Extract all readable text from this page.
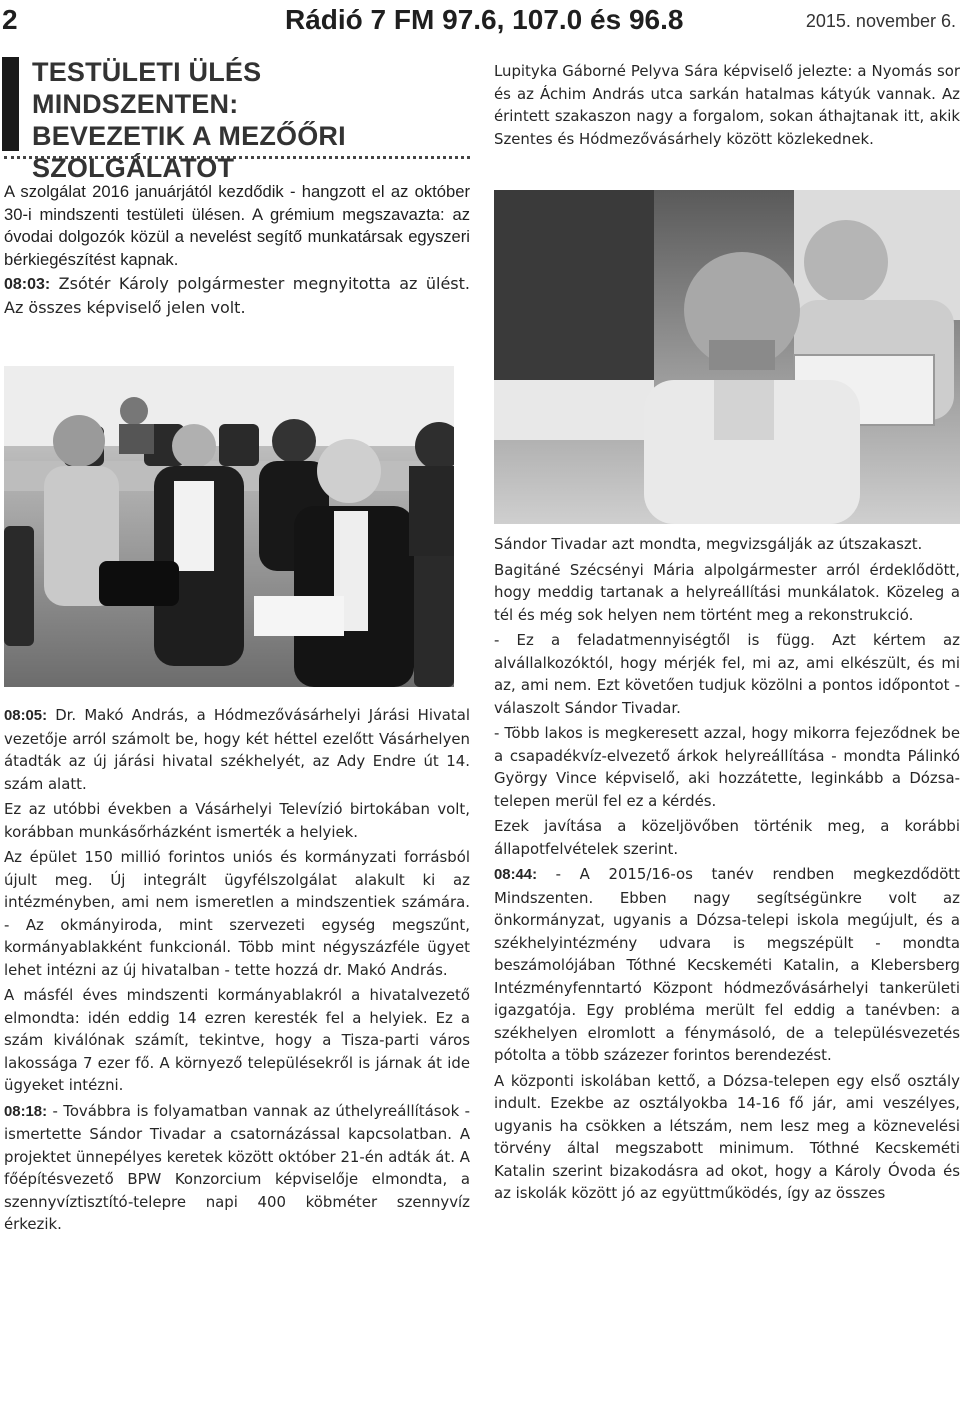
2	Rádió 7 FM 97.6, 107.0 és 96.8	2015. november 6.
TESTÜLETI ÜLÉS MINDSZENTEN:
BEVEZETIK A MEZŐŐRI
SZOLGÁLATOT

A szolgálat 2016 januárjától kezdődik - hangzott el az október 30-i mindszenti testületi ülésen. A grémium megszavazta: az óvodai dolgozók közül a nevelést segítő munkatársak egyszeri bérkiegészítést kapnak.

08:03: Zsótér Károly polgármester megnyitotta az ülést. Az összes képviselő jelen volt.

Lupityka Gáborné Pelyva Sára képviselő jelezte: a Nyomás sor és az Áchim András utca sarkán hatalmas kátyúk vannak. Az érintett szakaszon nagy a forgalom, sokan áthajtanak itt, akik Szentes és Hódmezővásárhely között közlekednek.

08:05: Dr. Makó András, a Hódmezővásárhelyi Járási Hivatal vezetője arról számolt be, hogy két héttel ezelőtt Vásárhelyen átadták az új járási hivatal székhelyét, az Ady Endre út 14. szám alatt.

Ez az utóbbi években a Vásárhelyi Televízió birtokában volt, korábban munkásőrházként ismerték a helyiek.

Az épület 150 millió forintos uniós és kormányzati forrásból újult meg. Új integrált ügyfélszolgálat alakult ki az intézményben, ami nem ismeretlen a mindszentiek számára. - Az okmányiroda, mint szervezeti egység megszűnt, kormányablakként funkcionál. Több mint négyszázféle ügyet lehet intézni az új hivatalban - tette hozzá dr. Makó András.

A másfél éves mindszenti kormányablakról a hivatalvezető elmondta: idén eddig 14 ezren keresték fel a helyiek. Ez a szám kiválónak számít, tekintve, hogy a Tisza-parti város lakossága 7 ezer fő. A környező településekről is járnak át ide ügyeket intézni.

08:18: - Továbbra is folyamatban vannak az úthelyreállítások - ismertette Sándor Tivadar a csatornázással kapcsolatban. A projektet ünnepélyes keretek között október 21-én adták át. A főépítésvezető BPW Konzorcium képviselője elmondta, a szennyvíztisztító-telepre napi 400 köbméter szennyvíz érkezik.

Sándor Tivadar azt mondta, megvizsgálják az útszakaszt.

Bagitáné Szécsényi Mária alpolgármester arról érdeklődött, hogy meddig tartanak a helyreállítási munkálatok. Közeleg a tél és még sok helyen nem történt meg a rekonstrukció.

- Ez a feladatmennyiségtől is függ. Azt kértem az alvállalkozóktól, hogy mérjék fel, mi az, ami elkészült, és mi az, ami nem. Ezt követően tudjuk közölni a pontos időpontot - válaszolt Sándor Tivadar.

- Több lakos is megkeresett azzal, hogy mikorra fejeződnek be a csapadékvíz-elvezető árkok helyreállítása - mondta Pálinkó György Vince képviselő, aki hozzátette, leginkább a Dózsa-telepen merül fel ez a kérdés.

Ezek javítása a közeljövőben történik meg, a korábbi állapotfelvételek szerint.

08:44: - A 2015/16-os tanév rendben megkezdődött Mindszenten. Ebben nagy segítségünkre volt az önkormányzat, ugyanis a Dózsa-telepi iskola megújult, és a székhelyintézmény udvara is megszépült - mondta beszámolójában Tóthné Kecskeméti Katalin, a Klebersberg Intézményfenntartó Központ hódmezővásárhelyi tankerületi igazgatója. Egy probléma merült fel eddig a tanévben: a székhelyen elromlott a fénymásoló, de a településvezetés pótolta a több százezer forintos berendezést.

A központi iskolában kettő, a Dózsa-telepen egy első osztály indult. Ezekbe az osztályokba 14-16 fő jár, ami veszélyes, ugyanis ha csökken a létszám, nem lesz meg a köznevelési törvény által megszabott minimum. Tóthné Kecskeméti Katalin szerint bizakodásra ad okot, hogy a Károly Óvoda és az iskolák között jó az együttműködés, így az összes
